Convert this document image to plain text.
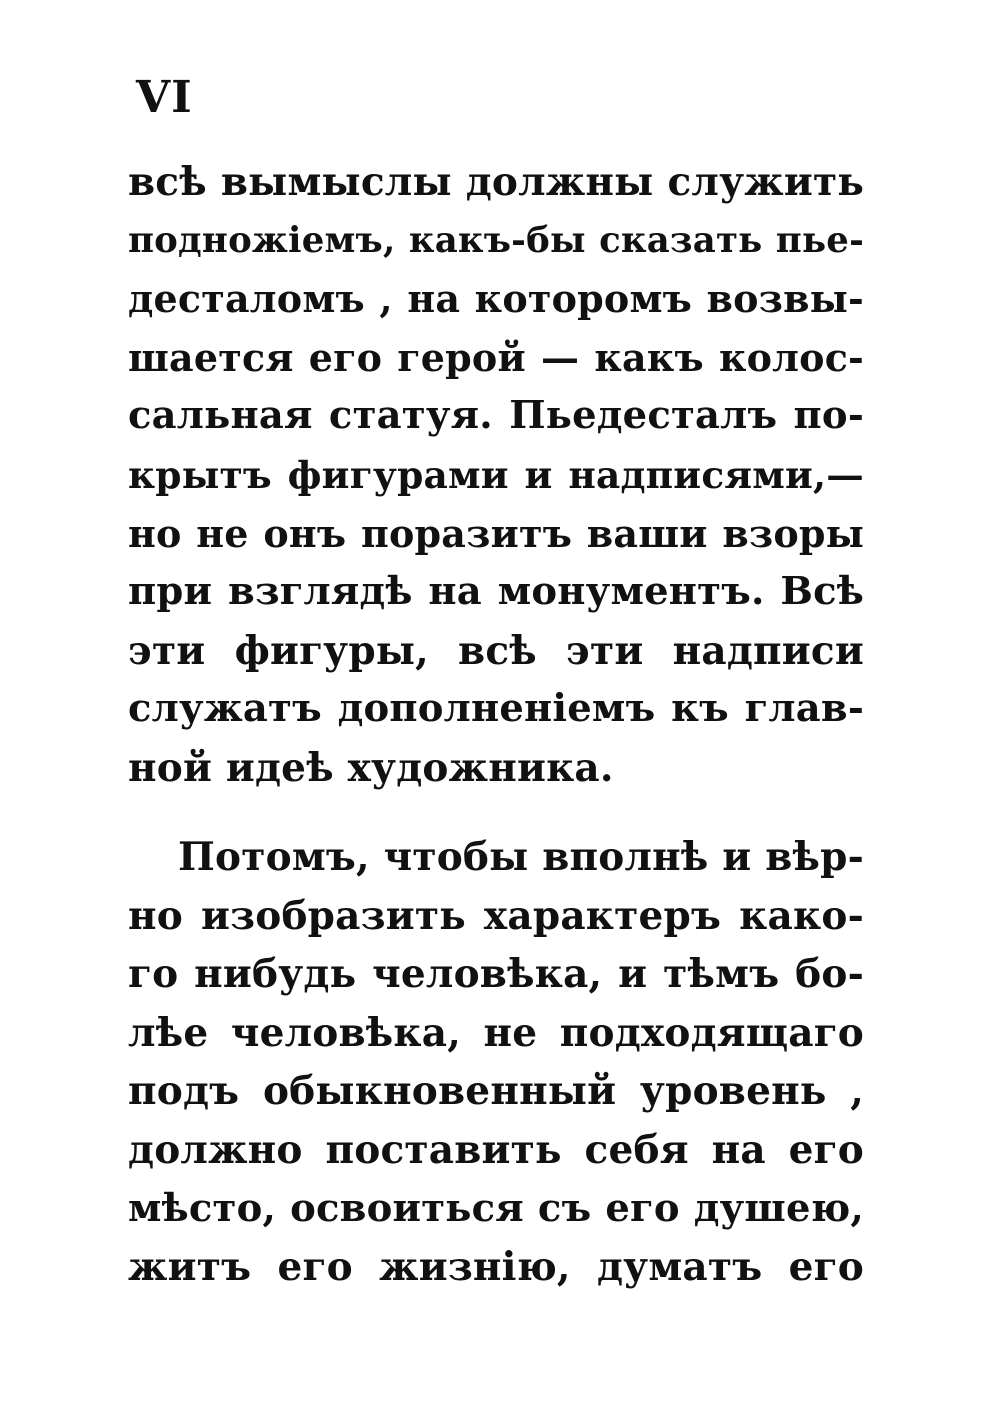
VI
всѣ вымыслы должны служить
подножіемъ, какъ-бы сказать пье-
десталомъ , на которомъ возвы-
шается его герой — какъ колос-
сальная статуя. Пьедесталъ по-
крытъ фигурами и надписями,—
но не онъ поразитъ ваши взоры
при взглядѣ на монументъ. Всѣ
эти фигуры, всѣ эти надписи
служатъ дополненіемъ къ глав-
ной идеѣ художника.
Потомъ, чтобы вполнѣ и вѣр-
но изобразить характеръ како-
го нибудь человѣка, и тѣмъ бо-
лѣе человѣка, не подходящаго
подъ обыкновенный уровень ,
должно поставить себя на его
мѣсто, освоиться съ его душею,
житъ его жизнію, думатъ его
